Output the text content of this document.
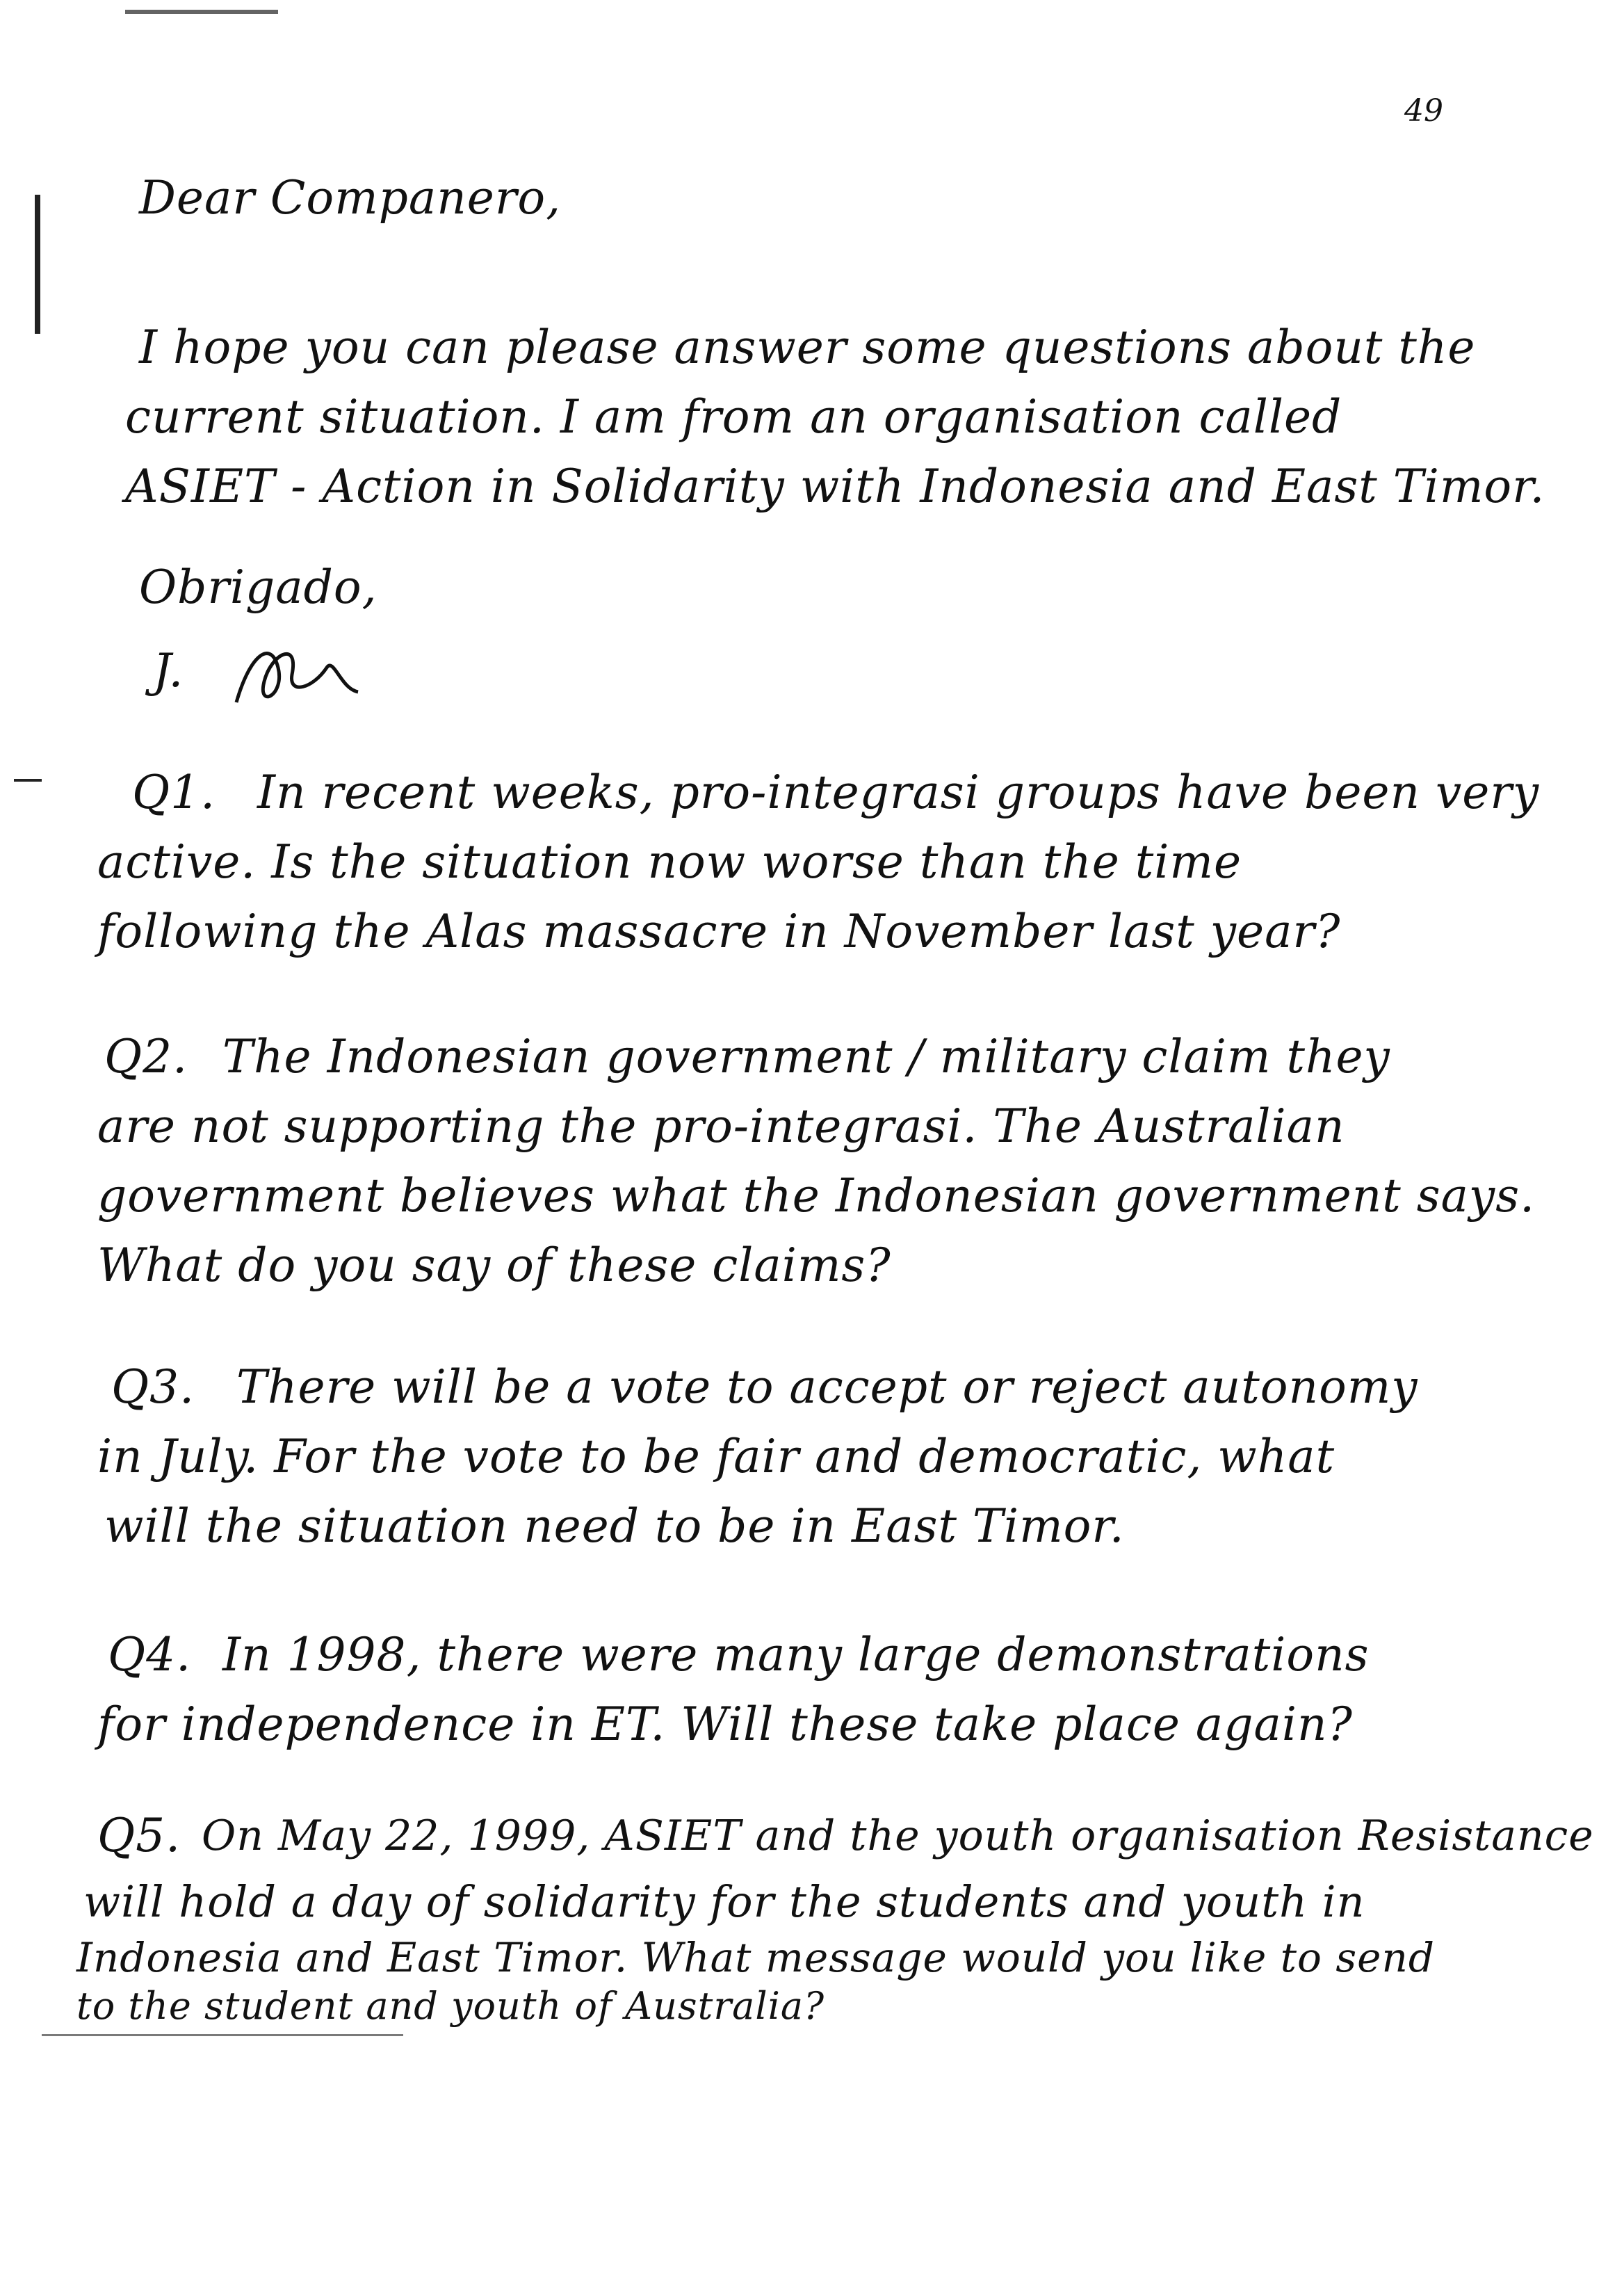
49
Dear Companero,
I hope you can please answer some questions about the
current situation. I am from an organisation called
ASIET - Action in Solidarity with Indonesia and East Timor.
Obrigado,
J.
Q1. In recent weeks, pro-integrasi groups have been very
active. Is the situation now worse than the time
following the Alas massacre in November last year?
Q2. The Indonesian government / military claim they
are not supporting the pro-integrasi. The Australian
government believes what the Indonesian government says.
What do you say of these claims?
Q3. There will be a vote to accept or reject autonomy
in July. For the vote to be fair and democratic, what
will the situation need to be in East Timor.
Q4. In 1998, there were many large demonstrations
for independence in ET. Will these take place again?
Q5. On May 22, 1999, ASIET and the youth organisation Resistance
will hold a day of solidarity for the students and youth in
Indonesia and East Timor. What message would you like to send
to the student and youth of Australia?
